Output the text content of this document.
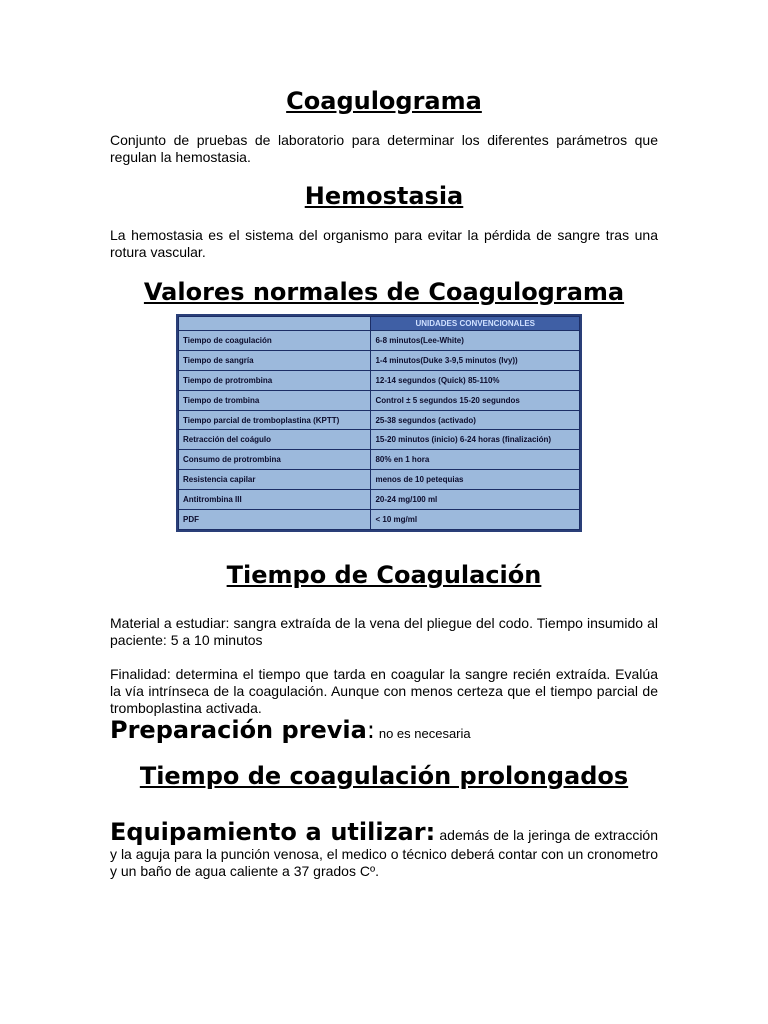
Coagulograma

Conjunto de pruebas de laboratorio para determinar los diferentes parámetros que regulan la hemostasia.

Hemostasia

La hemostasia es el sistema del organismo para evitar la pérdida de sangre tras una rotura vascular.

Valores normales de Coagulograma
	UNIDADES CONVENCIONALES
Tiempo de coagulación	6-8 minutos(Lee-White)
Tiempo de sangría	1-4 minutos(Duke 3-9,5 minutos (Ivy))
Tiempo de protrombina	12-14 segundos (Quick) 85-110%
Tiempo de trombina	Control ± 5 segundos 15-20 segundos
Tiempo parcial de tromboplastina (KPTT)	25-38 segundos (activado)
Retracción del coágulo	15-20 minutos (inicio) 6-24 horas (finalización)
Consumo de protrombina	80% en 1 hora
Resistencia capilar	menos de 10 petequias
Antitrombina III	20-24 mg/100 ml
PDF	< 10 mg/ml
Tiempo de Coagulación

Material a estudiar: sangra extraída de la vena del pliegue del codo. Tiempo insumido al paciente: 5 a 10 minutos

Finalidad: determina el tiempo que tarda en coagular la sangre recién extraída. Evalúa la vía intrínseca de la coagulación. Aunque con menos certeza que el tiempo parcial de tromboplastina activada.

Preparación previa: no es necesaria

Tiempo de coagulación prolongados

Equipamiento a utilizar: además de la jeringa de extracción y la aguja para la punción venosa, el medico o técnico deberá contar con un cronometro y un baño de agua caliente a 37 grados Cº.
